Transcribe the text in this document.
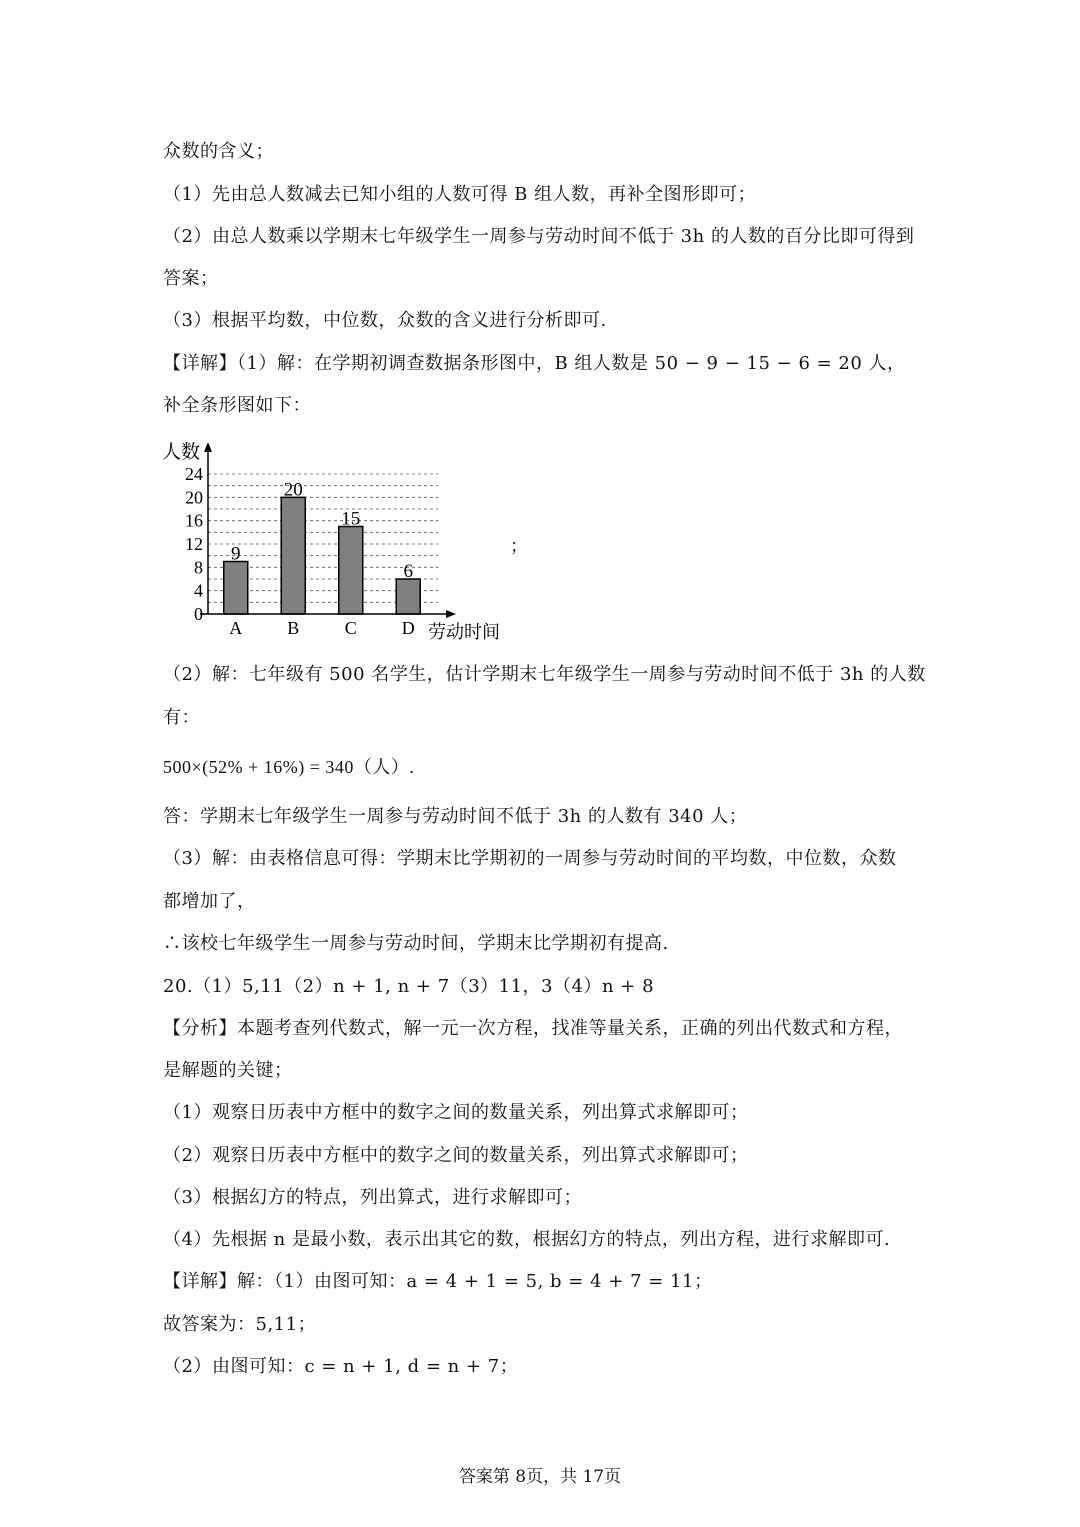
众数的含义；
（1）先由总人数减去已知小组的人数可得 B 组人数，再补全图形即可；
（2）由总人数乘以学期末七年级学生一周参与劳动时间不低于 3h 的人数的百分比即可得到
答案；
（3）根据平均数，中位数，众数的含义进行分析即可.
【详解】（1）解：在学期初调查数据条形图中，B 组人数是 50 − 9 − 15 − 6 = 20 人，
补全条形图如下：
9
20
15
6
0
4
8
12
16
20
24
A B	C D
人数
劳动时间
；
（2）解：七年级有 500 名学生，估计学期末七年级学生一周参与劳动时间不低于 3h 的人数
有：
500×(52% + 16%) = 340（人）.
答：学期末七年级学生一周参与劳动时间不低于 3h 的人数有 340 人；
（3）解：由表格信息可得：学期末比学期初的一周参与劳动时间的平均数，中位数，众数
都增加了，
∴该校七年级学生一周参与劳动时间，学期末比学期初有提高.
20.（1）5,11（2）n + 1, n + 7（3）11，3（4）n + 8
【分析】本题考查列代数式，解一元一次方程，找准等量关系，正确的列出代数式和方程，
是解题的关键；
（1）观察日历表中方框中的数字之间的数量关系，列出算式求解即可；
（2）观察日历表中方框中的数字之间的数量关系，列出算式求解即可；
（3）根据幻方的特点，列出算式，进行求解即可；
（4）先根据 n 是最小数，表示出其它的数，根据幻方的特点，列出方程，进行求解即可.
【详解】解：（1）由图可知：a = 4 + 1 = 5, b = 4 + 7 = 11；
故答案为：5,11；
（2）由图可知：c = n + 1, d = n + 7；
答案第 8页，共 17页
